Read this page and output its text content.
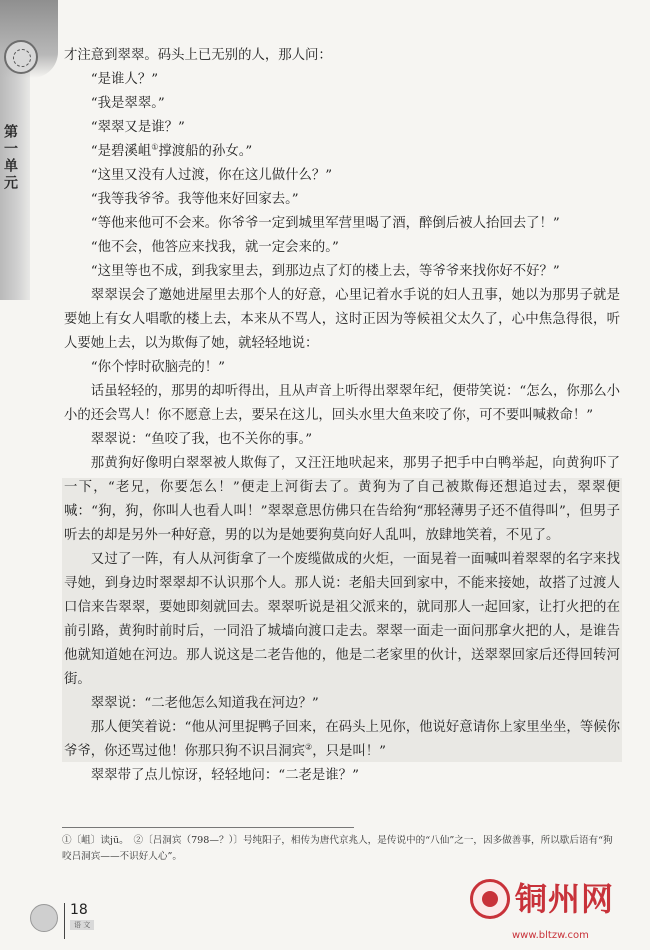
第一单元

才注意到翠翠。码头上已无别的人，那人问：

“是谁人？”

“我是翠翠。”

“翠翠又是谁？”

“是碧溪岨①撑渡船的孙女。”

“这里又没有人过渡，你在这儿做什么？”

“我等我爷爷。我等他来好回家去。”

“等他来他可不会来。你爷爷一定到城里军营里喝了酒，醉倒后被人抬回去了！”

“他不会，他答应来找我，就一定会来的。”

“这里等也不成，到我家里去，到那边点了灯的楼上去，等爷爷来找你好不好？”

翠翠误会了邀她进屋里去那个人的好意，心里记着水手说的妇人丑事，她以为那男子就是要她上有女人唱歌的楼上去，本来从不骂人，这时正因为等候祖父太久了，心中焦急得很，听人要她上去，以为欺侮了她，就轻轻地说：

“你个悖时砍脑壳的！”

话虽轻轻的，那男的却听得出，且从声音上听得出翠翠年纪，便带笑说：“怎么，你那么小小的还会骂人！你不愿意上去，要呆在这儿，回头水里大鱼来咬了你，可不要叫喊救命！”

翠翠说：“鱼咬了我，也不关你的事。”

那黄狗好像明白翠翠被人欺侮了，又汪汪地吠起来，那男子把手中白鸭举起，向黄狗吓了一下，“老兄，你要怎么！”便走上河街去了。黄狗为了自己被欺侮还想追过去，翠翠便喊：“狗，狗，你叫人也看人叫！”翠翠意思仿佛只在告给狗“那轻薄男子还不值得叫”，但男子听去的却是另外一种好意，男的以为是她要狗莫向好人乱叫，放肆地笑着，不见了。

又过了一阵，有人从河街拿了一个废缆做成的火炬，一面晃着一面喊叫着翠翠的名字来找寻她，到身边时翠翠却不认识那个人。那人说：老船夫回到家中，不能来接她，故搭了过渡人口信来告翠翠，要她即刻就回去。翠翠听说是祖父派来的，就同那人一起回家，让打火把的在前引路，黄狗时前时后，一同沿了城墙向渡口走去。翠翠一面走一面问那拿火把的人，是谁告他就知道她在河边。那人说这是二老告他的，他是二老家里的伙计，送翠翠回家后还得回转河街。

翠翠说：“二老他怎么知道我在河边？”

那人便笑着说：“他从河里捉鸭子回来，在码头上见你，他说好意请你上家里坐坐，等候你爷爷，你还骂过他！你那只狗不识吕洞宾②，只是叫！”

翠翠带了点儿惊讶，轻轻地问：“二老是谁？”

①〔岨〕读jū。　②〔吕洞宾（798—？）〕号纯阳子，相传为唐代京兆人，是传说中的“八仙”之一，因多做善事，所以歇后语有“狗咬吕洞宾——不识好人心”。

18
语 文
铜州网
www.bltzw.com
